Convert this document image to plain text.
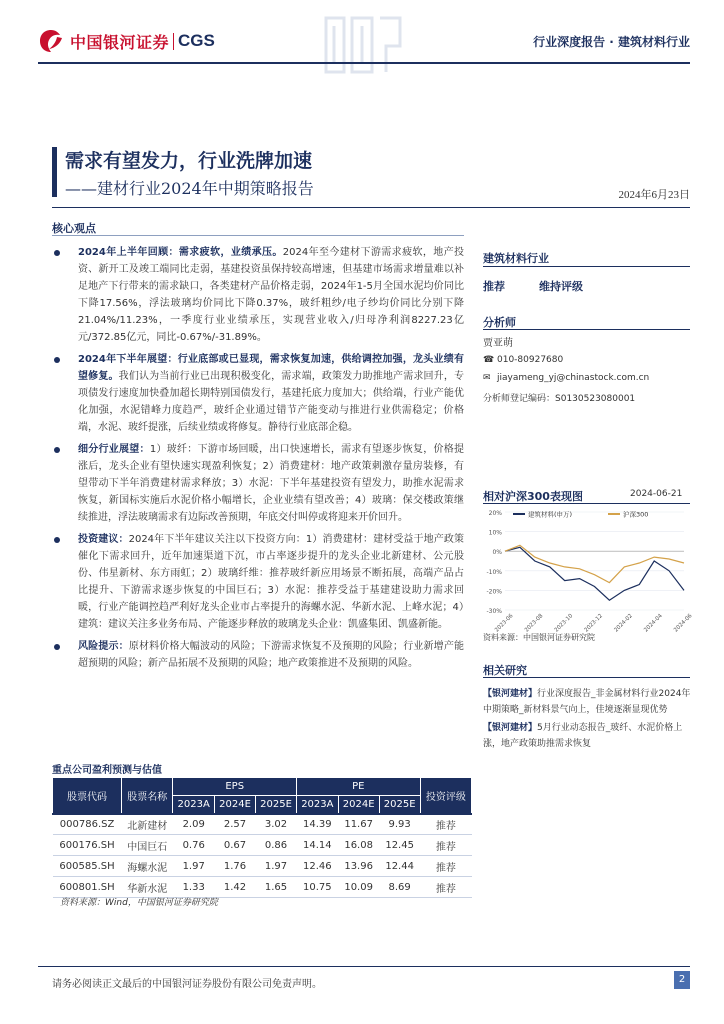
中国银河证券 CGS	行业深度报告 · 建筑材料行业
需求有望发力，行业洗牌加速
——建材行业2024年中期策略报告	2024年6月23日
核心观点
2024年上半年回顾：需求疲软，业绩承压。2024年至今建材下游需求疲软，地产投资、新开工及竣工端同比走弱，基建投资虽保持较高增速，但基建市场需求增量难以补足地产下行带来的需求缺口，各类建材产品价格走弱，2024年1-5月全国水泥均价同比下降17.56%，浮法玻璃均价同比下降0.37%，玻纤粗纱/电子纱均价同比分别下降21.04%/11.23%，一季度行业业绩承压，实现营业收入/归母净利润8227.23亿元/372.85亿元，同比-0.67%/-31.89%。
2024年下半年展望：行业底部或已显现，需求恢复加速，供给调控加强，龙头业绩有望修复。我们认为当前行业已出现积极变化，需求端，政策发力助推地产需求回升，专项债发行速度加快叠加超长期特别国债发行，基建托底力度加大；供给端，行业产能优化加强，水泥错峰力度趋严，玻纤企业通过错节产能变动与推进行业供需稳定；价格端，水泥、玻纤提涨，后续业绩或将修复。静待行业底部企稳。
细分行业展望：1）玻纤：下游市场回暖，出口快速增长，需求有望逐步恢复，价格提涨后，龙头企业有望快速实现盈利恢复；2）消费建材：地产政策刺激存量房装修，有望带动下半年消费建材需求释放；3）水泥：下半年基建投资有望发力，助推水泥需求恢复，新国标实施后水泥价格小幅增长，企业业绩有望改善；4）玻璃：保交楼政策继续推进，浮法玻璃需求有边际改善预期，年底交付叫停或将迎来开价回升。
投资建议：2024年下半年建议关注以下投资方向：1）消费建材：建材受益于地产政策催化下需求回升，近年加速渠道下沉，市占率逐步提升的龙头企业北新建材、公元股份、伟星新材、东方雨虹；2）玻璃纤维：推荐玻纤新应用场景不断拓展，高端产品占比提升、下游需求逐步恢复的中国巨石；3）水泥：推荐受益于基建建设助力需求回暖，行业产能调控趋严利好龙头企业市占率提升的海螺水泥、华新水泥、上峰水泥；4）建筑：建议关注多业务布局、产能逐步释放的玻璃龙头企业：凯盛集团、凯盛新能。
风险提示：原材料价格大幅波动的风险；下游需求恢复不及预期的风险；行业新增产能超预期的风险；新产品拓展不及预期的风险；地产政策推进不及预期的风险。
重点公司盈利预测与估值
股票代码	股票名称	EPS			PE			投资评级
		2023A	2024E	2025E	2023A	2024E	2025E	
000786.SZ	北新建材	2.09	2.57	3.02	14.39	11.67	9.93	推荐
600176.SH	中国巨石	0.76	0.67	0.86	14.14	16.08	12.45	推荐
600585.SH	海螺水泥	1.97	1.76	1.97	12.46	13.96	12.44	推荐
600801.SH	华新水泥	1.33	1.42	1.65	10.75	10.09	8.69	推荐
资料来源：Wind，中国银河证券研究院
建筑材料行业
推荐	维持评级
分析师
贾亚萌
☎ 010-80927680
✉ jiayameng_yj@chinastock.com.cn
分析师登记编码：S0130523080001
相对沪深300表现图	2024-06-21
-30%
-20%
-10%
0%
10%
20%
2023-06 2023-08 2023-10 2023-12 2024-02 2024-04 2024-06
建筑材料(申万)	沪深300
资料来源：中国银河证券研究院
相关研究
【银河建材】行业深度报告_非金属材料行业2024年中期策略_新材料景气向上，佳境逐渐显现优势
【银河建材】5月行业动态报告_玻纤、水泥价格上涨，地产政策助推需求恢复
请务必阅读正文最后的中国银河证券股份有限公司免责声明。	2
